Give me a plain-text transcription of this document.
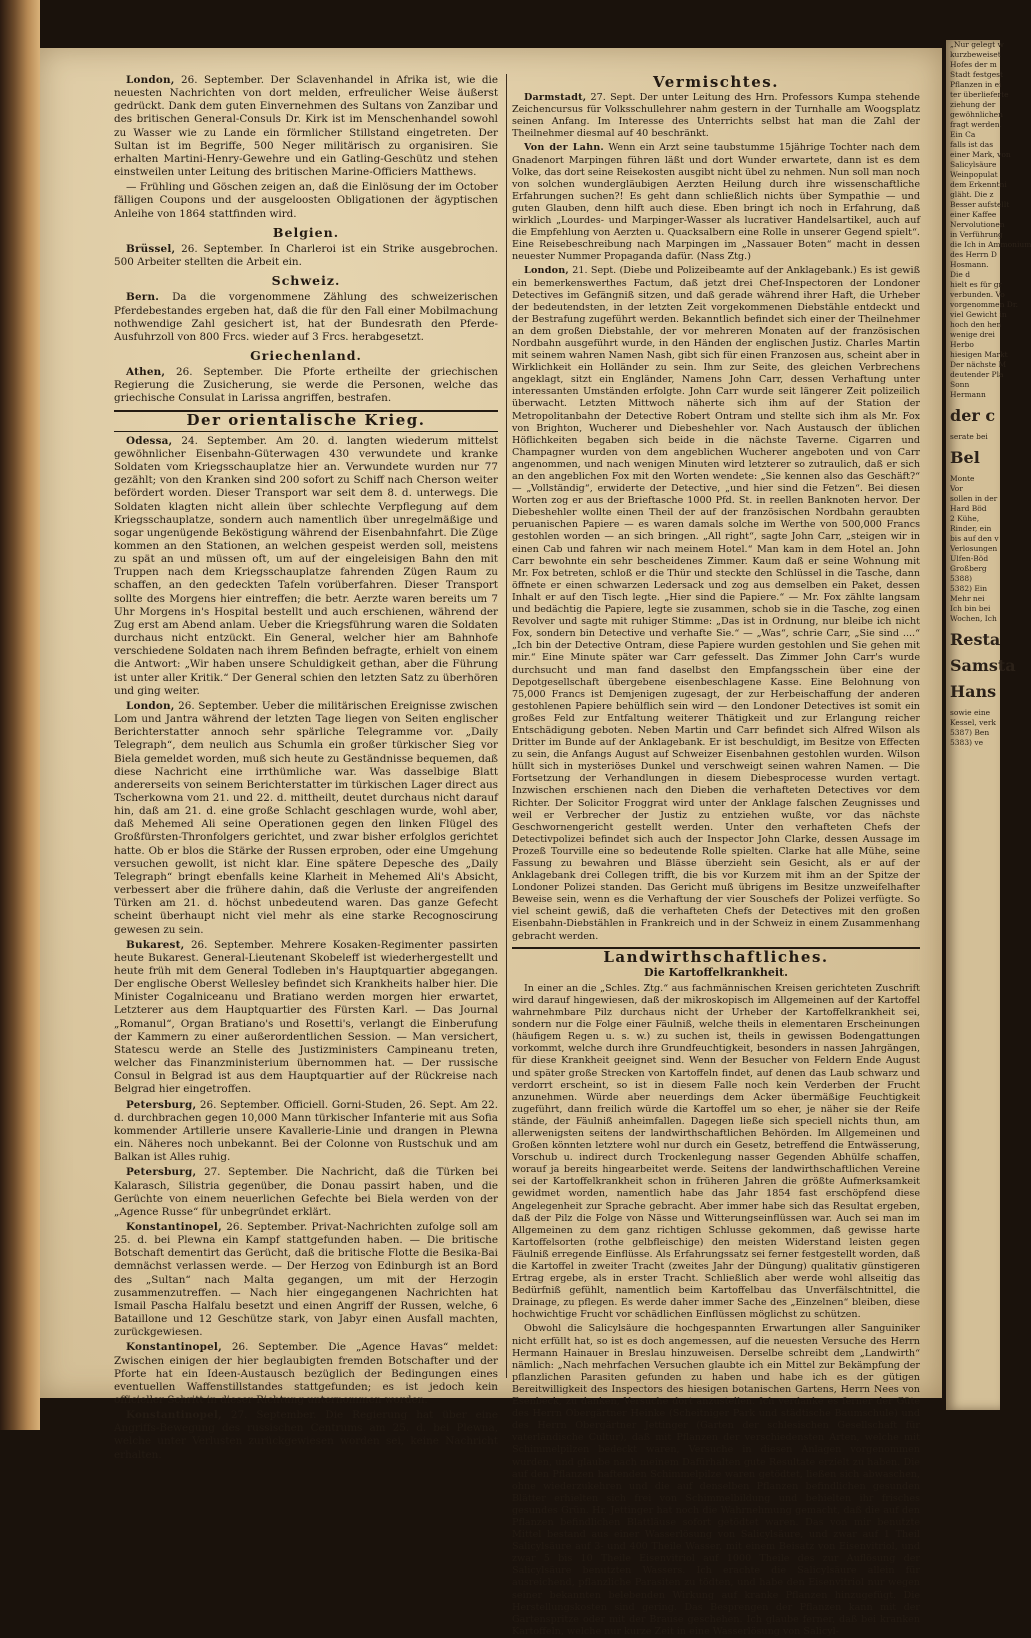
London, 26. September. Der Sclavenhandel in Afrika ist, wie die neuesten Nachrichten von dort melden, erfreulicher Weise äußerst gedrückt. Dank dem guten Einvernehmen des Sultans von Zanzibar und des britischen General-Consuls Dr. Kirk ist im Menschenhandel sowohl zu Wasser wie zu Lande ein förmlicher Stillstand eingetreten. Der Sultan ist im Begriffe, 500 Neger militärisch zu organisiren. Sie erhalten Martini-Henry-Gewehre und ein Gatling-Geschütz und stehen einstweilen unter Leitung des britischen Marine-Officiers Matthews.

— Frühling und Göschen zeigen an, daß die Einlösung der im October fälligen Coupons und der ausgeloosten Obligationen der ägyptischen Anleihe von 1864 stattfinden wird.

Belgien.

Brüssel, 26. September. In Charleroi ist ein Strike ausgebrochen. 500 Arbeiter stellten die Arbeit ein.

Schweiz.

Bern. Da die vorgenommene Zählung des schweizerischen Pferdebestandes ergeben hat, daß die für den Fall einer Mobilmachung nothwendige Zahl gesichert ist, hat der Bundesrath den Pferde-Ausfuhrzoll von 800 Frcs. wieder auf 3 Frcs. herabgesetzt.

Griechenland.

Athen, 26. September. Die Pforte ertheilte der griechischen Regierung die Zusicherung, sie werde die Personen, welche das griechische Consulat in Larissa angriffen, bestrafen.

Der orientalische Krieg.

Odessa, 24. September. Am 20. d. langten wiederum mittelst gewöhnlicher Eisenbahn-Güterwagen 430 verwundete und kranke Soldaten vom Kriegsschauplatze hier an. Verwundete wurden nur 77 gezählt; von den Kranken sind 200 sofort zu Schiff nach Cherson weiter befördert worden. Dieser Transport war seit dem 8. d. unterwegs. Die Soldaten klagten nicht allein über schlechte Verpflegung auf dem Kriegsschauplatze, sondern auch namentlich über unregelmäßige und sogar ungenügende Beköstigung während der Eisenbahnfahrt. Die Züge kommen an den Stationen, an welchen gespeist werden soll, meistens zu spät an und müssen oft, um auf der eingeleisigen Bahn den mit Truppen nach dem Kriegsschauplatze fahrenden Zügen Raum zu schaffen, an den gedeckten Tafeln vorüberfahren. Dieser Transport sollte des Morgens hier eintreffen; die betr. Aerzte waren bereits um 7 Uhr Morgens in's Hospital bestellt und auch erschienen, während der Zug erst am Abend anlam. Ueber die Kriegsführung waren die Soldaten durchaus nicht entzückt. Ein General, welcher hier am Bahnhofe verschiedene Soldaten nach ihrem Befinden befragte, erhielt von einem die Antwort: „Wir haben unsere Schuldigkeit gethan, aber die Führung ist unter aller Kritik.“ Der General schien den letzten Satz zu überhören und ging weiter.

London, 26. September. Ueber die militärischen Ereignisse zwischen Lom und Jantra während der letzten Tage liegen von Seiten englischer Berichterstatter annoch sehr spärliche Telegramme vor. „Daily Telegraph“, dem neulich aus Schumla ein großer türkischer Sieg vor Biela gemeldet worden, muß sich heute zu Geständnisse bequemen, daß diese Nachricht eine irrthümliche war. Was dasselbige Blatt andererseits von seinem Berichterstatter im türkischen Lager direct aus Tscherkowna vom 21. und 22. d. mittheilt, deutet durchaus nicht darauf hin, daß am 21. d. eine große Schlacht geschlagen wurde, wohl aber, daß Mehemed Ali seine Operationen gegen den linken Flügel des Großfürsten-Thronfolgers gerichtet, und zwar bisher erfolglos gerichtet hatte. Ob er blos die Stärke der Russen erproben, oder eine Umgehung versuchen gewollt, ist nicht klar. Eine spätere Depesche des „Daily Telegraph“ bringt ebenfalls keine Klarheit in Mehemed Ali's Absicht, verbessert aber die frühere dahin, daß die Verluste der angreifenden Türken am 21. d. höchst unbedeutend waren. Das ganze Gefecht scheint überhaupt nicht viel mehr als eine starke Recognoscirung gewesen zu sein.

Bukarest, 26. September. Mehrere Kosaken-Regimenter passirten heute Bukarest. General-Lieutenant Skobeleff ist wiederhergestellt und heute früh mit dem General Todleben in's Hauptquartier abgegangen. Der englische Oberst Wellesley befindet sich Krankheits halber hier. Die Minister Cogalniceanu und Bratiano werden morgen hier erwartet, Letzterer aus dem Hauptquartier des Fürsten Karl. — Das Journal „Romanul“, Organ Bratiano's und Rosetti's, verlangt die Einberufung der Kammern zu einer außerordentlichen Session. — Man versichert, Statescu werde an Stelle des Justizministers Campineanu treten, welcher das Finanzministerium übernommen hat. — Der russische Consul in Belgrad ist aus dem Hauptquartier auf der Rückreise nach Belgrad hier eingetroffen.

Petersburg, 26. September. Officiell. Gorni-Studen, 26. Sept. Am 22. d. durchbrachen gegen 10,000 Mann türkischer Infanterie mit aus Sofia kommender Artillerie unsere Kavallerie-Linie und drangen in Plewna ein. Näheres noch unbekannt. Bei der Colonne von Rustschuk und am Balkan ist Alles ruhig.

Petersburg, 27. September. Die Nachricht, daß die Türken bei Kalarasch, Silistria gegenüber, die Donau passirt haben, und die Gerüchte von einem neuerlichen Gefechte bei Biela werden von der „Agence Russe“ für unbegründet erklärt.

Konstantinopel, 26. September. Privat-Nachrichten zufolge soll am 25. d. bei Plewna ein Kampf stattgefunden haben. — Die britische Botschaft dementirt das Gerücht, daß die britische Flotte die Besika-Bai demnächst verlassen werde. — Der Herzog von Edinburgh ist an Bord des „Sultan“ nach Malta gegangen, um mit der Herzogin zusammenzutreffen. — Nach hier eingegangenen Nachrichten hat Ismail Pascha Halfalu besetzt und einen Angriff der Russen, welche, 6 Bataillone und 12 Geschütze stark, von Jabyr einen Ausfall machten, zurückgewiesen.

Konstantinopel, 26. September. Die „Agence Havas“ meldet: Zwischen einigen der hier beglaubigten fremden Botschafter und der Pforte hat ein Ideen-Austausch bezüglich der Bedingungen eines eventuellen Waffenstillstandes stattgefunden; es ist jedoch kein officieller Schritt in dieser Richtung unternommen worden.

Konstantinopel, 27. September. Die Regierung hat über eine Angriffs-Bewegung des russischen Centrums am 25. d. bei Plewna, welche unter Verlusten zurückgewiesen worden sei, keine Nachricht erhalten.

Vermischtes.

Darmstadt, 27. Sept. Der unter Leitung des Hrn. Professors Kumpa stehende Zeichencursus für Volksschullehrer nahm gestern in der Turnhalle am Woogsplatz seinen Anfang. Im Interesse des Unterrichts selbst hat man die Zahl der Theilnehmer diesmal auf 40 beschränkt.

Von der Lahn. Wenn ein Arzt seine taubstumme 15jährige Tochter nach dem Gnadenort Marpingen führen läßt und dort Wunder erwartete, dann ist es dem Volke, das dort seine Reisekosten ausgibt nicht übel zu nehmen. Nun soll man noch von solchen wundergläubigen Aerzten Heilung durch ihre wissenschaftliche Erfahrungen suchen?! Es geht dann schließlich nichts über Sympathie — und guten Glauben, denn hilft auch diese. Eben bringt ich noch in Erfahrung, daß wirklich „Lourdes- und Marpinger-Wasser als lucrativer Handelsartikel, auch auf die Empfehlung von Aerzten u. Quacksalbern eine Rolle in unserer Gegend spielt“. Eine Reisebeschreibung nach Marpingen im „Nassauer Boten“ macht in dessen neuester Nummer Propaganda dafür. (Nass Ztg.)

London, 21. Sept. (Diebe und Polizeibeamte auf der Anklagebank.) Es ist gewiß ein bemerkenswerthes Factum, daß jetzt drei Chef-Inspectoren der Londoner Detectives im Gefängniß sitzen, und daß gerade während ihrer Haft, die Urheber der bedeutendsten, in der letzten Zeit vorgekommenen Diebstähle entdeckt und der Bestrafung zugeführt werden. Bekanntlich befindet sich einer der Theilnehmer an dem großen Diebstahle, der vor mehreren Monaten auf der französischen Nordbahn ausgeführt wurde, in den Händen der englischen Justiz. Charles Martin mit seinem wahren Namen Nash, gibt sich für einen Franzosen aus, scheint aber in Wirklichkeit ein Holländer zu sein. Ihm zur Seite, des gleichen Verbrechens angeklagt, sitzt ein Engländer, Namens John Carr, dessen Verhaftung unter interessanten Umständen erfolgte. John Carr wurde seit längerer Zeit polizeilich überwacht. Letzten Mittwoch näherte sich ihm auf der Station der Metropolitanbahn der Detective Robert Ontram und stellte sich ihm als Mr. Fox von Brighton, Wucherer und Diebeshehler vor. Nach Austausch der üblichen Höflichkeiten begaben sich beide in die nächste Taverne. Cigarren und Champagner wurden von dem angeblichen Wucherer angeboten und von Carr angenommen, und nach wenigen Minuten wird letzterer so zutraulich, daß er sich an den angeblichen Fox mit den Worten wendete: „Sie kennen also das Geschäft?“ — „Vollständig“, erwiderte der Detective, „und hier sind die Fetzen“. Bei diesen Worten zog er aus der Brieftasche 1000 Pfd. St. in reellen Banknoten hervor. Der Diebeshehler wollte einen Theil der auf der französischen Nordbahn geraubten peruanischen Papiere — es waren damals solche im Werthe von 500,000 Francs gestohlen worden — an sich bringen. „All right“, sagte John Carr, „steigen wir in einen Cab und fahren wir nach meinem Hotel.“ Man kam in dem Hotel an. John Carr bewohnte ein sehr bescheidenes Zimmer. Kaum daß er seine Wohnung mit Mr. Fox betreten, schloß er die Thür und steckte den Schlüssel in die Tasche, dann öffnete er einen schwarzen Ledersack und zog aus demselben ein Paket, dessen Inhalt er auf den Tisch legte. „Hier sind die Papiere.“ — Mr. Fox zählte langsam und bedächtig die Papiere, legte sie zusammen, schob sie in die Tasche, zog einen Revolver und sagte mit ruhiger Stimme: „Das ist in Ordnung, nur bleibe ich nicht Fox, sondern bin Detective und verhafte Sie.“ — „Was“, schrie Carr, „Sie sind ....“ „Ich bin der Detective Ontram, diese Papiere wurden gestohlen und Sie gehen mit mir.“ Eine Minute später war Carr gefesselt. Das Zimmer John Carr's wurde durchsucht und man fand daselbst den Empfangsschein über eine der Depotgesellschaft übergebene eisenbeschlagene Kasse. Eine Belohnung von 75,000 Francs ist Demjenigen zugesagt, der zur Herbeischaffung der anderen gestohlenen Papiere behülflich sein wird — den Londoner Detectives ist somit ein großes Feld zur Entfaltung weiterer Thätigkeit und zur Erlangung reicher Entschädigung geboten. Neben Martin und Carr befindet sich Alfred Wilson als Dritter im Bunde auf der Anklagebank. Er ist beschuldigt, im Besitze von Effecten zu sein, die Anfangs August auf Schweizer Eisenbahnen gestohlen wurden. Wilson hüllt sich in mysteriöses Dunkel und verschweigt seinen wahren Namen. — Die Fortsetzung der Verhandlungen in diesem Diebesprocesse wurden vertagt. Inzwischen erschienen nach den Dieben die verhafteten Detectives vor dem Richter. Der Solicitor Froggrat wird unter der Anklage falschen Zeugnisses und weil er Verbrecher der Justiz zu entziehen wußte, vor das nächste Geschwornengericht gestellt werden. Unter den verhafteten Chefs der Detectivpolizei befindet sich auch der Inspector John Clarke, dessen Aussage im Prozeß Tourville eine so bedeutende Rolle spielten. Clarke hat alle Mühe, seine Fassung zu bewahren und Blässe überzieht sein Gesicht, als er auf der Anklagebank drei Collegen trifft, die bis vor Kurzem mit ihm an der Spitze der Londoner Polizei standen. Das Gericht muß übrigens im Besitze unzweifelhafter Beweise sein, wenn es die Verhaftung der vier Souschefs der Polizei verfügte. So viel scheint gewiß, daß die verhafteten Chefs der Detectives mit den großen Eisenbahn-Diebstählen in Frankreich und in der Schweiz in einem Zusammenhang gebracht werden.

Landwirthschaftliches.
Die Kartoffelkrankheit.

In einer an die „Schles. Ztg.“ aus fachmännischen Kreisen gerichteten Zuschrift wird darauf hingewiesen, daß der mikroskopisch im Allgemeinen auf der Kartoffel wahrnehmbare Pilz durchaus nicht der Urheber der Kartoffelkrankheit sei, sondern nur die Folge einer Fäulniß, welche theils in elementaren Erscheinungen (häufigem Regen u. s. w.) zu suchen ist, theils in gewissen Bodengattungen vorkommt, welche durch ihre Grundfeuchtigkeit, besonders in nassen Jahrgängen, für diese Krankheit geeignet sind. Wenn der Besucher von Feldern Ende August und später große Strecken von Kartoffeln findet, auf denen das Laub schwarz und verdorrt erscheint, so ist in diesem Falle noch kein Verderben der Frucht anzunehmen. Würde aber neuerdings dem Acker übermäßige Feuchtigkeit zugeführt, dann freilich würde die Kartoffel um so eher, je näher sie der Reife stände, der Fäulniß anheimfallen. Dagegen ließe sich speciell nichts thun, am allerwenigsten seitens der landwirthschaftlichen Behörden. Im Allgemeinen und Großen könnten letztere wohl nur durch ein Gesetz, betreffend die Entwässerung, Vorschub u. indirect durch Trockenlegung nasser Gegenden Abhülfe schaffen, worauf ja bereits hingearbeitet werde. Seitens der landwirthschaftlichen Vereine sei der Kartoffelkrankheit schon in früheren Jahren die größte Aufmerksamkeit gewidmet worden, namentlich habe das Jahr 1854 fast erschöpfend diese Angelegenheit zur Sprache gebracht. Aber immer habe sich das Resultat ergeben, daß der Pilz die Folge von Nässe und Witterungseinflüssen war. Auch sei man im Allgemeinen zu dem ganz richtigen Schlusse gekommen, daß gewisse harte Kartoffelsorten (rothe gelbfleischige) den meisten Widerstand leisten gegen Fäulniß erregende Einflüsse. Als Erfahrungssatz sei ferner festgestellt worden, daß die Kartoffel in zweiter Tracht (zweites Jahr der Düngung) qualitativ günstigeren Ertrag ergebe, als in erster Tracht. Schließlich aber werde wohl allseitig das Bedürfniß gefühlt, namentlich beim Kartoffelbau das Unverfälschtnittel, die Drainage, zu pflegen. Es werde daher immer Sache des „Einzelnen“ bleiben, diese hochwichtige Frucht vor schädlichen Einflüssen möglichst zu schützen.

Obwohl die Salicylsäure die hochgespannten Erwartungen aller Sanguiniker nicht erfüllt hat, so ist es doch angemessen, auf die neuesten Versuche des Herrn Hermann Hainauer in Breslau hinzuweisen. Derselbe schreibt dem „Landwirth“ nämlich: „Nach mehrfachen Versuchen glaubte ich ein Mittel zur Bekämpfung der pflanzlichen Parasiten gefunden zu haben und habe ich es der gütigen Bereitwilligkeit des Inspectors des hiesigen botanischen Gartens, Herrn Nees von Esenbeck, zu danken, Versuche dort anzustellen. Ich verdanke es ferner der Güte des Herrn Obergärtner Heinke (Scheitniger Park und städtische Baumschule) und des Herrn Obergärtner Jettinger (Garten der schlesischen Gesellschaft für vaterländische Cultur), daß mit Pflanzen der verschiedensten Arten, welche mit Schimmelpilzen bedeckt waren, Versuche in diesen Anlagen vorgenommen wurden, und glaube nach meinem Dafürhalten gute Resultate erzielt zu haben. Die auf den Pflanzen haftenden Schimmelpilze waren getödtet, ließen sich abwaschen, ohne wiederzukehren und die auf denselben Pflanzen befindlichen gesunden Blätter erhielten sich frei von Schimmelbildung und behielten ihr frisches gesundes Grün. Hr. Jettinger hat noch die Wahrnehmung gemacht, daß die auf den Pflanzen befindlichen Blattläuse sofort getödtet waren. Das von mir benutzte Mittel bestand aus einer Wasserlösung von Salicylsäure, und zwar auf 1 Theil Salicylsäure auf 3- und 400 Theile Wasser, mit einem Beisatz von Eisenvitriol, und zwar 5 bis 10 Theile Eisenvitriol auf 1000 Theile des zur Auflösung der Salicylsäure benutzten Wassers. Ich erachte die Salicylsäure allein für ausreichend, pflanzliche Parasiten zu tödten, und habe den Eisenvitriol nur wegen seiner bekannten belebenden Wirkung auf kranke Pflanzen hinzugefügt. Die Herstellungskosten sind gering. Das Besprengen der Pflanzen kann mit der Gartenspritze oder mit der Brause geschehen. Ich glaube ferner, daß bei kranken Kartoffeln, welche nur kurze Zeit in eine Wasserlösung von Salicyl-

„Nur gelegt w
kurzbeweiset
Hofes der m
Stadt festgest
Pflanzen in ei
ter überlieferte
ziehung der
gewöhnlichen
fragt werden.
Ein Ca
falls ist das
einer Mark, von
Salicylsäure
Weinpopulat
dem Erkenntni
gläht. Die z
Besser aufstellt
einer Kaffee
Nervolutionen
in Verführung
die Ich in Ammonium
des Herrn D
Hosmann.
Die d
hielt es für gr
verbunden. Vo
vorgenommen Dr.
viel Gewicht in
hoch den hen
wenige drei
Herbo
hiesigen Markt
Der nächste M
deutender Pla
Sonn
Hermann
der c
serate bei
Bel
Monte
Vor
sollen in der
Hard Böd
2 Kühe,
Rinder, ein
bis auf den v
Verlosungen
Ulfen-Böd
Großberg
5388)
5382) Ein
Mehr nei
Ich bin bei
Wochen, Ich
Resta
Samsta
Hans
sowie eine
Kessel, verk
5387) Ben
5383) ve
